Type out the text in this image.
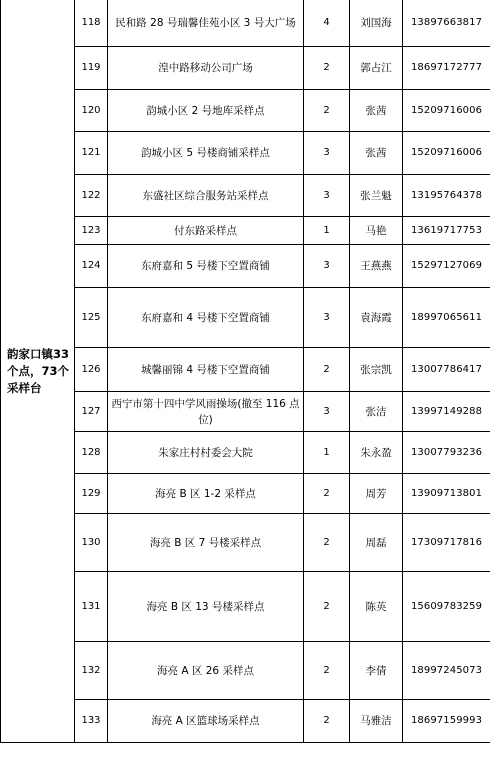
韵家口镇33个点，73个采样台	118	民和路 28 号瑞馨佳苑小区 3 号大广场	4	刘国海	13897663817
	119	湟中路移动公司广场	2	郭占江	18697172777
	120	韵城小区 2 号地库采样点	2	张茜	15209716006
	121	韵城小区 5 号楼商铺采样点	3	张茜	15209716006
	122	东盛社区综合服务站采样点	3	张兰魁	13195764378
	123	付东路采样点	1	马艳	13619717753
	124	东府嘉和 5 号楼下空置商铺	3	王燕燕	15297127069
	125	东府嘉和 4 号楼下空置商铺	3	袁海霞	18997065611
	126	城馨丽锦 4 号楼下空置商铺	2	张宗凯	13007786417
	127	西宁市第十四中学风雨操场(撤至 116 点位)	3	张洁	13997149288
	128	朱家庄村村委会大院	1	朱永盈	13007793236
	129	海亮 B 区 1-2 采样点	2	周芳	13909713801
	130	海亮 B 区 7 号楼采样点	2	周磊	17309717816
	131	海亮 B 区 13 号楼采样点	2	陈英	15609783259
	132	海亮 A 区 26 采样点	2	李倩	18997245073
	133	海亮 A 区篮球场采样点	2	马雅洁	18697159993
